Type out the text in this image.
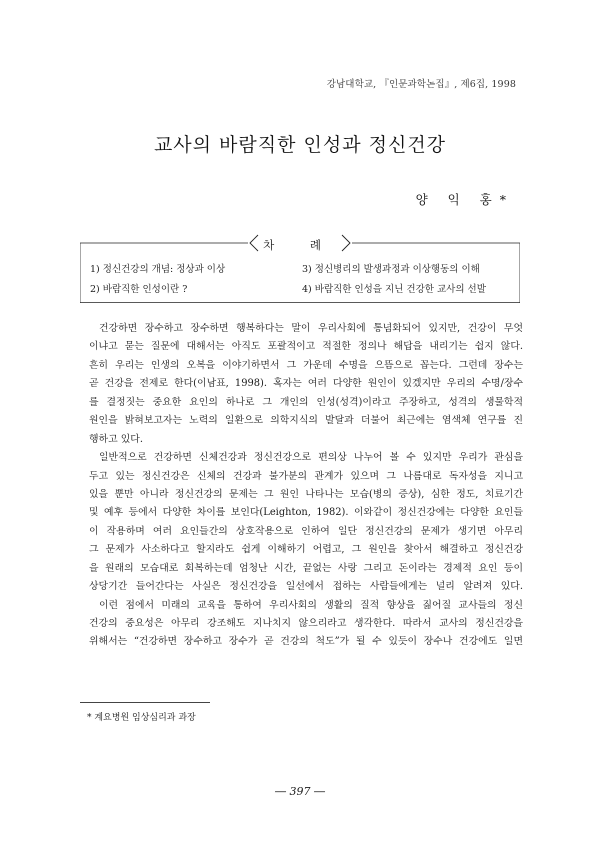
강남대학교, 『인문과학논집』, 제6집, 1998
교사의 바람직한 인성과 정신건강
양 익 홍*
차 례
1) 정신건강의 개념: 정상과 이상	3) 정신병리의 발생과정과 이상행동의 이해
2) 바람직한 인성이란 ?	4) 바람직한 인성을 지닌 건강한 교사의 선발
건강하면 장수하고 장수하면 행복하다는 말이 우리사회에 통념화되어 있지만, 건강이 무엇
이냐고 묻는 질문에 대해서는 아직도 포괄적이고 적절한 정의나 해답을 내리기는 쉽지 않다.
흔히 우리는 인생의 오복을 이야기하면서 그 가운데 수명을 으뜸으로 꼽는다. 그런데 장수는
곧 건강을 전제로 한다(이남표, 1998). 혹자는 여러 다양한 원인이 있겠지만 우리의 수명/장수
를 결정짓는 중요한 요인의 하나로 그 개인의 인성(성격)이라고 주장하고, 성격의 생물학적
원인을 밝혀보고자는 노력의 일환으로 의학지식의 발달과 더불어 최근에는 염색체 연구를 진
행하고 있다.
일반적으로 건강하면 신체건강과 정신건강으로 편의상 나누어 볼 수 있지만 우리가 관심을
두고 있는 정신건강은 신체의 건강과 불가분의 관계가 있으며 그 나름대로 독자성을 지니고
있을 뿐만 아니라 정신건강의 문제는 그 원인 나타나는 모습(병의 증상), 심한 정도, 치료기간
및 예후 등에서 다양한 차이를 보인다(Leighton, 1982). 이와같이 정신건강에는 다양한 요인들
이 작용하며 여러 요인들간의 상호작용으로 인하여 일단 정신건강의 문제가 생기면 아무리
그 문제가 사소하다고 할지라도 쉽게 이해하기 어렵고, 그 원인을 찾아서 해결하고 정신건강
을 원래의 모습대로 회복하는데 엄청난 시간, 끝없는 사랑 그리고 돈이라는 경제적 요인 등이
상당기간 들어간다는 사실은 정신건강을 일선에서 접하는 사람들에게는 널리 알려져 있다.
이런 점에서 미래의 교육을 통하여 우리사회의 생활의 질적 향상을 짊어질 교사들의 정신
건강의 중요성은 아무리 강조해도 지나치지 않으리라고 생각한다. 따라서 교사의 정신건강을
위해서는 “건강하면 장수하고 장수가 곧 건강의 척도”가 될 수 있듯이 장수나 건강에도 일면
* 계요병원 임상심리과 과장
― 397 ―
